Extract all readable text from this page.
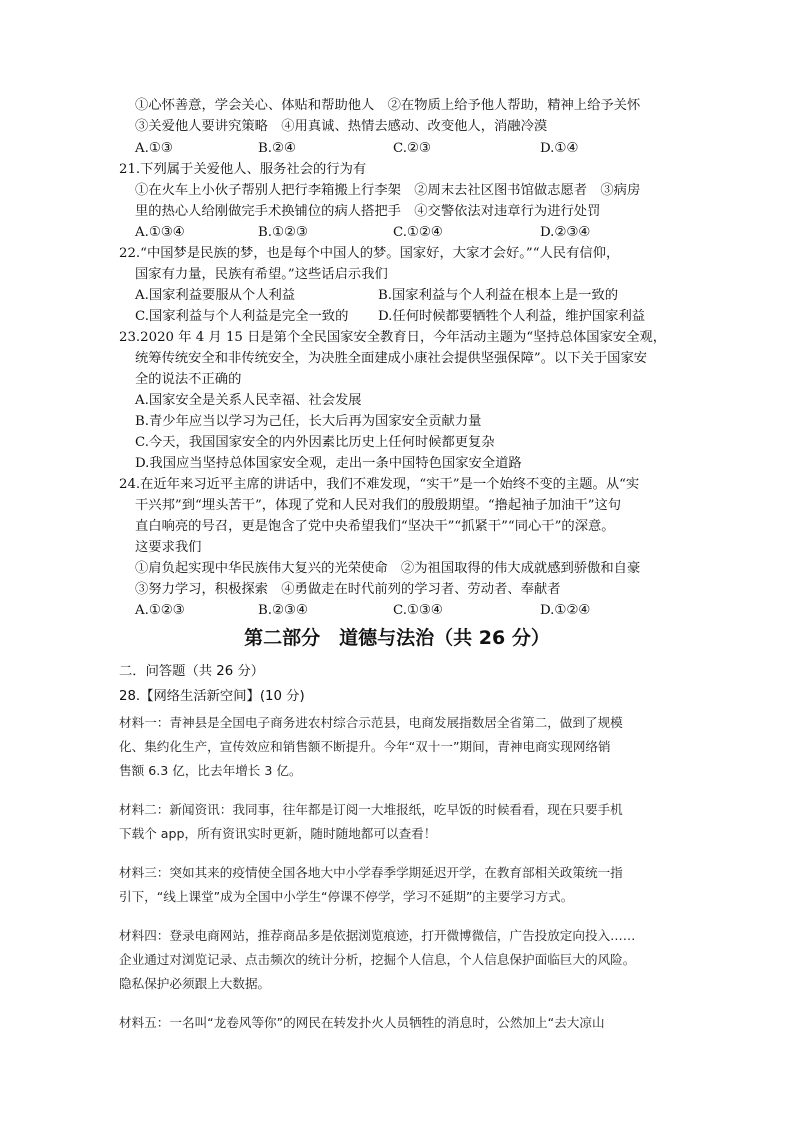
①心怀善意，学会关心、体贴和帮助他人　②在物质上给予他人帮助，精神上给予关怀
③关爱他人要讲究策略　④用真诚、热情去感动、改变他人，消融冷漠
A.①③	B.②④	C.②③	D.①④
21.下列属于关爱他人、服务社会的行为有
①在火车上小伙子帮别人把行李箱搬上行李架　②周末去社区图书馆做志愿者　③病房
里的热心人给刚做完手术换铺位的病人搭把手　④交警依法对违章行为进行处罚
A.①③④	B.①②③	C.①②④	D.②③④
22.“中国梦是民族的梦，也是每个中国人的梦。国家好，大家才会好。”“人民有信仰，
国家有力量，民族有希望。”这些话启示我们
A.国家利益要服从个人利益	B.国家利益与个人利益在根本上是一致的
C.国家利益与个人利益是完全一致的 D.任何时候都要牺牲个人利益，维护国家利益
23.2020 年 4 月 15 日是第个全民国家安全教育日，今年活动主题为“坚持总体国家安全观，
统筹传统安全和非传统安全，为决胜全面建成小康社会提供坚强保障”。以下关于国家安
全的说法不正确的
A.国家安全是关系人民幸福、社会发展
B.青少年应当以学习为己任，长大后再为国家安全贡献力量
C.今天，我国国家安全的内外因素比历史上任何时候都更复杂
D.我国应当坚持总体国家安全观，走出一条中国特色国家安全道路
24.在近年来习近平主席的讲话中，我们不难发现，“实干”是一个始终不变的主题。从“实
干兴邦”到“埋头苦干”，体现了党和人民对我们的殷殷期望。“撸起袖子加油干”这句
直白响亮的号召，更是饱含了党中央希望我们“坚决干”“抓紧干”“同心干”的深意。
这要求我们
①肩负起实现中华民族伟大复兴的光荣使命　②为祖国取得的伟大成就感到骄傲和自豪
③努力学习，积极探索　④勇做走在时代前列的学习者、劳动者、奉献者
A.①②③	B.②③④	C.①③④	D.①②④
第二部分　道德与法治（共 26 分）
二．问答题（共 26 分）
28.【网络生活新空间】(10 分)
材料一：青神县是全国电子商务进农村综合示范县，电商发展指数居全省第二，做到了规模
化、集约化生产，宣传效应和销售额不断提升。今年“双十一”期间，青神电商实现网络销
售额 6.3 亿，比去年增长 3 亿。
材料二：新闻资讯：我同事，往年都是订阅一大堆报纸，吃早饭的时候看看，现在只要手机
下载个 app，所有资讯实时更新，随时随地都可以查看！
材料三：突如其来的疫情使全国各地大中小学春季学期延迟开学，在教育部相关政策统一指
引下，“线上课堂”成为全国中小学生“停课不停学，学习不延期”的主要学习方式。
材料四：登录电商网站，推荐商品多是依据浏览痕迹，打开微博微信，广告投放定向投入……
企业通过对浏览记录、点击频次的统计分析，挖掘个人信息，个人信息保护面临巨大的风险。
隐私保护必须跟上大数据。
材料五：一名叫“龙卷风等你”的网民在转发扑火人员牺牲的消息时，公然加上“去大凉山
